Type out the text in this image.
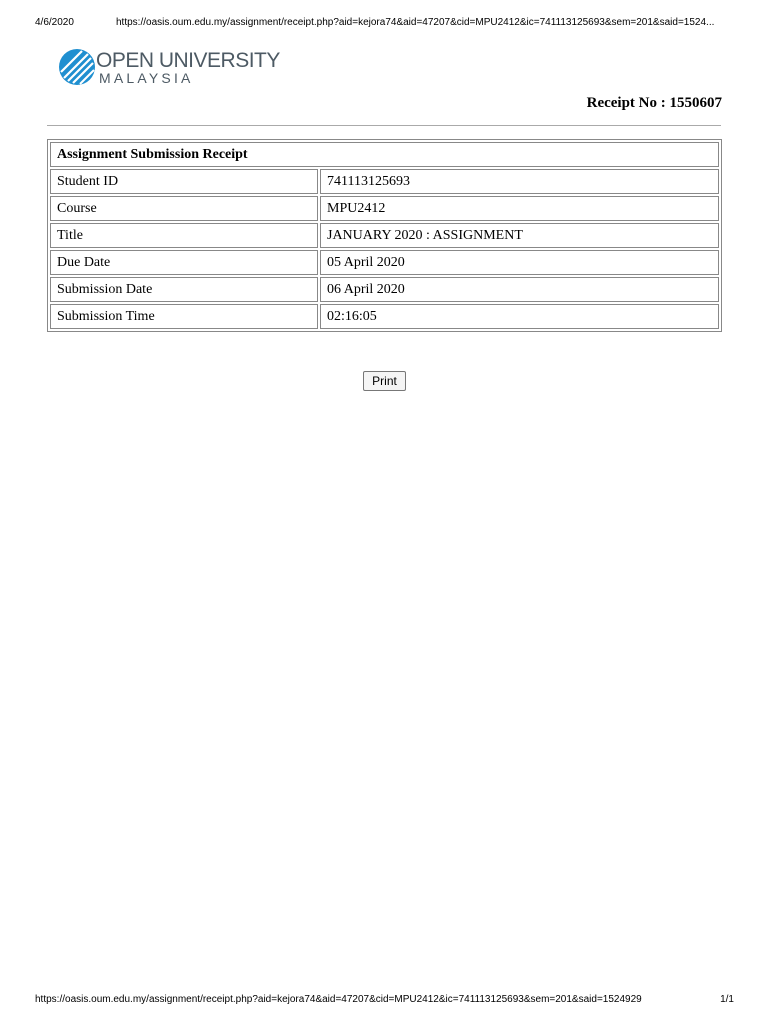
4/6/2020	https://oasis.oum.edu.my/assignment/receipt.php?aid=kejora74&aid=47207&cid=MPU2412&ic=741113125693&sem=201&said=1524...
OPEN UNIVERSITY
MALAYSIA
Receipt No : 1550607
Assignment Submission Receipt	
Student ID	741113125693
Course	MPU2412
Title	JANUARY 2020 : ASSIGNMENT
Due Date	05 April 2020
Submission Date	06 April 2020
Submission Time	02:16:05
Print
https://oasis.oum.edu.my/assignment/receipt.php?aid=kejora74&aid=47207&cid=MPU2412&ic=741113125693&sem=201&said=1524929	1/1
